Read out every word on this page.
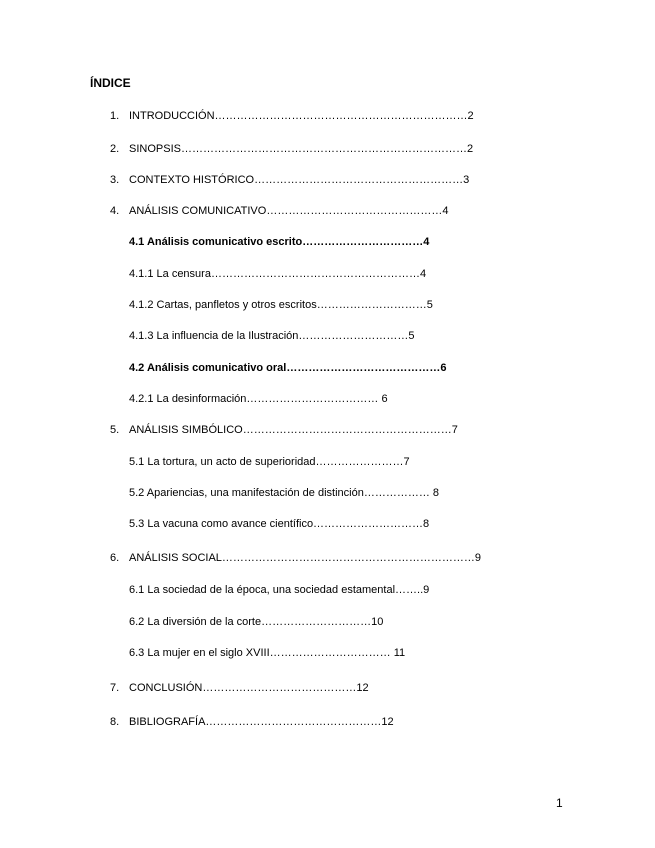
ÍNDICE
1. INTRODUCCIÓN……………………………………………………………2
2. SINOPSIS……………………………………………………………………2
3. CONTEXTO HISTÓRICO…………………………………………………3
4. ANÁLISIS COMUNICATIVO…………………………………………4
4.1 Análisis comunicativo escrito……………………………4
4.1.1 La censura…………………………………………………4
4.1.2 Cartas, panfletos y otros escritos…………………………5
4.1.3 La influencia de la Ilustración…………………………5
4.2 Análisis comunicativo oral……………………………………6
4.2.1 La desinformación……………………………… 6
5. ANÁLISIS SIMBÓLICO…………………………………………………7
5.1 La tortura, un acto de superioridad……………………7
5.2 Apariencias, una manifestación de distinción……………… 8
5.3 La vacuna como avance científico…………………………8
6. ANÁLISIS SOCIAL……………………………………………………………9
6.1 La sociedad de la época, una sociedad estamental……..9
6.2 La diversión de la corte…………………………10
6.3 La mujer en el siglo XVIII…………………………… 11
7. CONCLUSIÓN……………………………………12
8. BIBLIOGRAFÍA…………………………………………12
1
